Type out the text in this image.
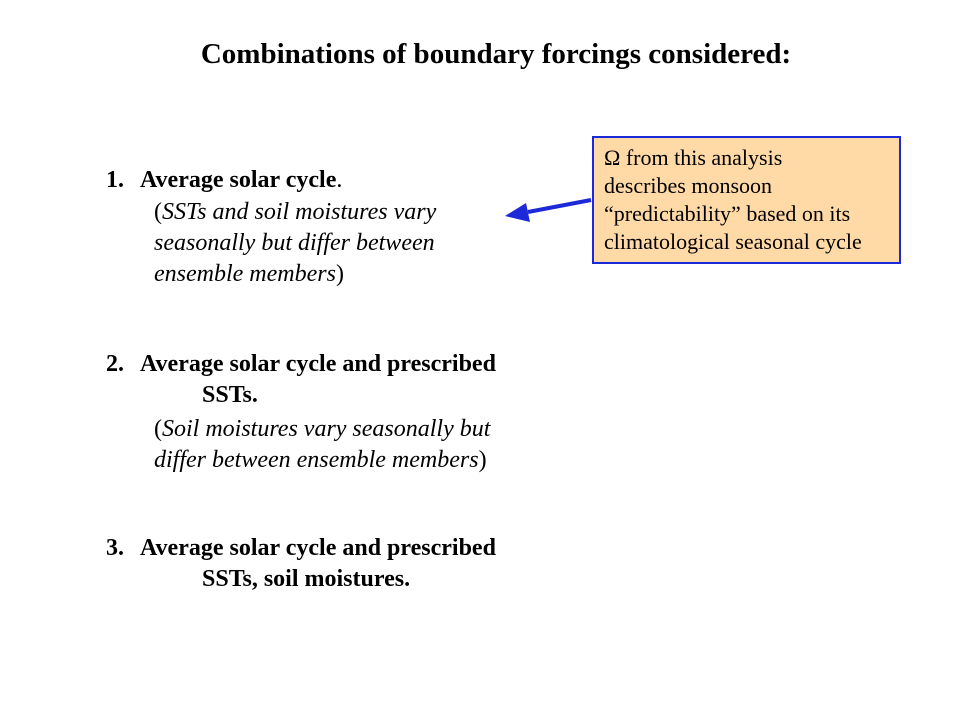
Combinations of boundary forcings considered:
1. Average solar cycle.
(SSTs and soil moistures vary
seasonally but differ between
ensemble members)
2. Average solar cycle and prescribed
SSTs.
(Soil moistures vary seasonally but
differ between ensemble members)
3. Average solar cycle and prescribed
SSTs, soil moistures.
Ω from this analysis
describes monsoon
“predictability” based on its
climatological seasonal cycle
